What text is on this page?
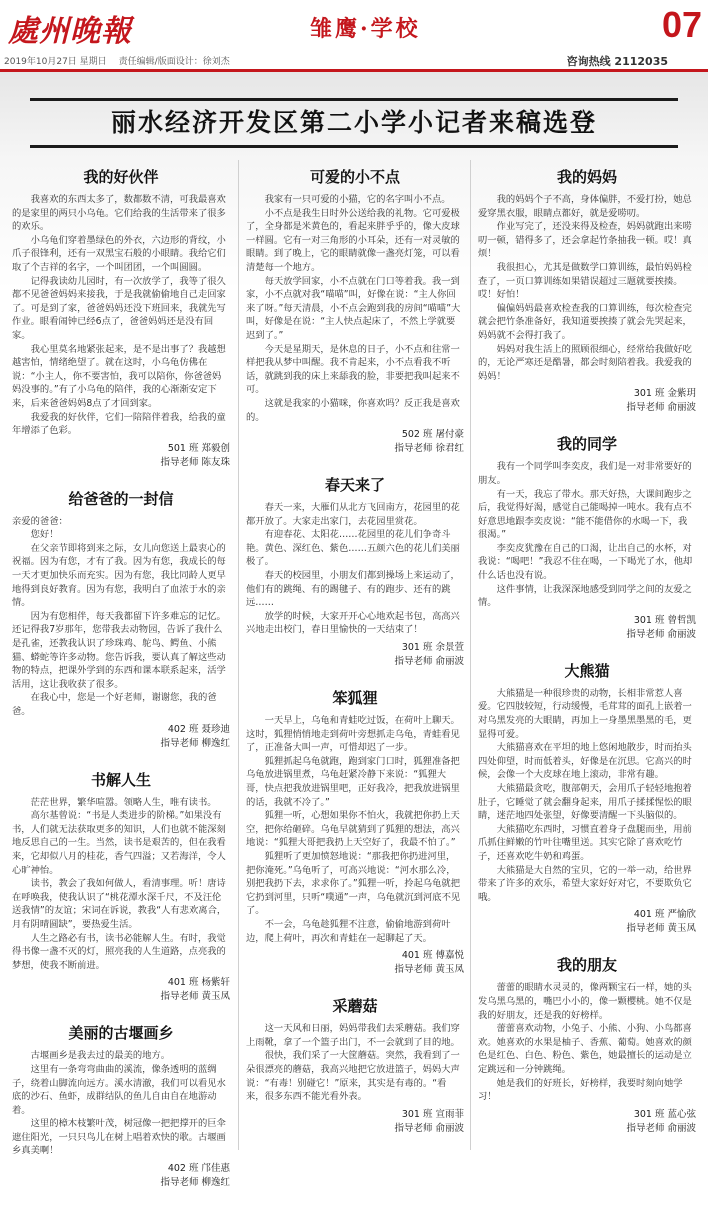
處州晚報	雏鹰·学校	07
2019年10月27日 星期日 责任编辑/版面设计：徐刘杰	咨询热线 2112035
丽水经济开发区第二小学小记者来稿选登
我的好伙伴

我喜欢的东西太多了，数都数不清，可我最喜欢的是家里的两只小乌龟。它们给我的生活带来了很多的欢乐。

小乌龟们穿着墨绿色的外衣，六边形的背纹，小爪子很锋利，还有一双黑宝石般的小眼睛。我给它们取了个吉祥的名字，一个叫团团，一个叫圆圆。

记得我读幼儿园时，有一次放学了，我等了很久都不见爸爸妈妈来接我，于是我就偷偷地自己走回家了。可是到了家，爸爸妈妈还没下班回来，我就先写作业。眼看闹钟已经6点了，爸爸妈妈还是没有回家。

我心里莫名地紧张起来，是不是出事了？我越想越害怕，情绪绝望了。就在这时，小乌龟仿佛在说：“小主人，你不要害怕，我可以陪你，你爸爸妈妈没事的。”有了小乌龟的陪伴，我的心渐渐安定下来，后来爸爸妈妈8点了才回到家。

我爱我的好伙伴，它们一陪陪伴着我，给我的童年增添了色彩。

501 班 郑毅创
指导老师 陈友珠
给爸爸的一封信

亲爱的爸爸：

您好！

在父亲节即将到来之际，女儿向您送上最衷心的祝福。因为有您，才有了我。因为有您，我成长的每一天才更加快乐而充实。因为有您，我比同龄人更早地得到良好教育。因为有您，我明白了血浓于水的亲情。

因为有您相伴，每天我都留下许多难忘的记忆。还记得我7岁那年，您带我去动物园，告诉了我什么是孔雀，还教我认识了珍珠鸡、鸵鸟、鳄鱼、小熊猫、蟒蛇等许多动物。您告诉我，要认真了解这些动物的特点，把课外学到的东西和课本联系起来，活学活用，这让我收获了很多。

在我心中，您是一个好老师，谢谢您，我的爸爸。

402 班 聂珍迪
指导老师 柳逸红
书解人生

茫茫世界，繁华喧嚣。领略人生，唯有读书。

高尔基曾说：“书是人类进步的阶梯。”如果没有书，人们就无法获取更多的知识，人们也就不能深刻地反思自己的一生。当然，读书是艰苦的，但在我看来，它却似八月的桂花，香气四溢；又若海洋，令人心旷神怡。

读书，教会了我如何做人，看清事理。听！唐诗在呼唤我，使我认识了“桃花潭水深千尺，不及汪伦送我情”的友谊；宋词在诉说，教我“人有悲欢离合，月有阴晴圆缺”，要热爱生活。

人生之路必有书，读书必能解人生。有时，我觉得书像一盏不灭的灯，照亮我的人生道路，点亮我的梦想，使我不断前进。

401 班 杨紫轩
指导老师 黄玉凤
美丽的古堰画乡

古堰画乡是我去过的最美的地方。

这里有一条弯弯曲曲的溪流，像条透明的蓝绸子，绕着山脚流向远方。溪水清澈，我们可以看见水底的沙石、鱼虾，成群结队的鱼儿自由自在地游动着。

这里的樟木枝繁叶茂，树冠像一把把撑开的巨伞遮住阳光，一只只鸟儿在树上唱着欢快的歌。古堰画乡真美啊！

402 班 邝佳惠
指导老师 柳逸红
可爱的小不点

我家有一只可爱的小猫，它的名字叫小不点。

小不点是我生日时外公送给我的礼物。它可爱极了，全身都是米黄色的，看起来胖乎乎的，像大皮球一样圆。它有一对三角形的小耳朵，还有一对灵敏的眼睛。到了晚上，它的眼睛就像一盏亮灯笼，可以看清楚每一个地方。

每天放学回家，小不点就在门口等着我。我一到家，小不点就对我“喵喵”叫，好像在说：“主人你回来了呀。”每天清晨，小不点会跑到我的房间“喵喵”大叫，好像是在说：“主人快点起床了，不然上学就要迟到了。”

今天是星期天，是休息的日子，小不点和往常一样把我从梦中叫醒。我不肯起来，小不点看我不听话，就跳到我的床上来舔我的脸，非要把我叫起来不可。

这就是我家的小猫咪，你喜欢吗？反正我是喜欢的。

502 班 屠付豪
指导老师 徐君红
春天来了

春天一来，大雁们从北方飞回南方，花园里的花都开放了。大家走出家门，去花园里赏花。

有迎春花、太阳花……花园里的花儿们争奇斗艳。黄色、深红色、紫色……五颜六色的花儿们美丽极了。

春天的校园里，小朋友们都到操场上来运动了，他们有的跳绳、有的踢毽子、有的跑步、还有的跳远……

放学的时候，大家开开心心地欢起书包，高高兴兴地走出校门，春日里愉快的一天结束了！

301 班 余景萱
指导老师 俞丽波
笨狐狸

一天早上，乌龟和青蛙吃过饭，在荷叶上聊天。这时，狐狸悄悄地走到荷叶旁想抓走乌龟，青蛙看见了，正准备大叫一声，可惜却迟了一步。

狐狸抓起乌龟就跑，跑到家门口时，狐狸准备把乌龟放进锅里煮，乌龟赶紧冷静下来说：“狐狸大哥，快点把我放进锅里吧，正好我冷，把我放进锅里的话，我就不冷了。”

狐狸一听，心想如果你不怕火，我就把你扔上天空，把你给砸碎。乌龟早就猜到了狐狸的想法，高兴地说：“狐狸大哥把我扔上天空好了，我最不怕了。”

狐狸听了更加愤怒地说：“那我把你扔进河里，把你淹死。”乌龟听了，可高兴地说：“河水那么冷，别把我扔下去，求求你了。”狐狸一听，拎起乌龟就把它扔到河里，只听“噗通”一声，乌龟就沉到河底不见了。

不一会，乌龟趁狐狸不注意，偷偷地游到荷叶边，爬上荷叶，再次和青蛙在一起聊起了天。

401 班 傅嘉悦
指导老师 黄玉凤
采蘑菇

这一天风和日丽，妈妈带我们去采蘑菇。我们穿上雨靴，拿了一个篮子出门，不一会就到了目的地。

很快，我们采了一大筐蘑菇。突然，我看到了一朵很漂亮的蘑菇，我高兴地把它放进篮子，妈妈大声说：“有毒！别碰它！”原来，其实是有毒的。“看来，很多东西不能光看外表。

301 班 宣雨菲
指导老师 俞丽波
我的妈妈

我的妈妈个子不高，身体偏胖，不爱打扮，她总爱穿黑衣服，眼睛点都好，就是爱唠叨。

作业写完了，还没来得及检查，妈妈就跑出来唠叨一顿，错得多了，还会拿起竹条抽我一顿。哎！真烦！

我很担心，尤其是做数学口算训练，最怕妈妈检查了，一页口算训练如果错误超过三题就要挨揍。哎！好怕！

偏偏妈妈最喜欢检查我的口算训练，每次检查完就会把竹条准备好，我知道要挨揍了就会先哭起来，妈妈就不会得打我了。

妈妈对我生活上的照顾很细心，经常给我做好吃的，无论严寒还是酷暑，都会时刻陪着我。我爱我的妈妈！

301 班 金紫玥
指导老师 俞丽波
我的同学

我有一个同学叫李奕皮，我们是一对非常要好的朋友。

有一天，我忘了带水。那天好热，大课间跑步之后，我觉得好渴，感觉自己能喝掉一吨水。我有点不好意思地跟李奕皮说：“能不能借你的水喝一下，我很渴。”

李奕皮犹豫在自己的口渴，让出自己的水杯，对我说：“喝吧！”我忍不住在喝，一下喝光了水，他却什么话也没有说。

这件事情，让我深深地感受到同学之间的友爱之情。

301 班 曾哲凯
指导老师 俞丽波
大熊猫

大熊猫是一种很珍贵的动物，长相非常惹人喜爱。它四肢较短，行动缓慢，毛茸茸的面孔上嵌着一对乌黑发亮的大眼睛，再加上一身墨黑墨黑的毛，更显得可爱。

大熊猫喜欢在平坦的地上悠闲地散步，时而抬头四处仰望，时而低着头，好像是在沉思。它高兴的时候，会像一个大皮球在地上滚动，非常有趣。

大熊猫最贪吃，腹部朝天，会用爪子轻轻地抱着肚子，它睡觉了就会翻身起来，用爪子揉揉惺忪的眼睛，迷茫地四处张望，好像要清醒一下头脑似的。

大熊猫吃东西时，习惯直着身子盘腿而坐，用前爪抓住鲜嫩的竹叶往嘴里送。其实它除了喜欢吃竹子，还喜欢吃牛奶和鸡蛋。

大熊猫是大自然的宝贝，它的一举一动，给世界带来了许多的欢乐，希望大家好好对它，不要欺负它哦。

401 班 严愉欣
指导老师 黄玉凤
我的朋友

蕾蕾的眼睛水灵灵的，像两颗宝石一样，她的头发乌黑乌黑的，嘴巴小小的，像一颗樱桃。她不仅是我的好朋友，还是我的好榜样。

蕾蕾喜欢动物，小兔子、小熊、小狗、小鸟都喜欢。她喜欢的水果是柚子、香蕉、葡萄。她喜欢的颜色是红色、白色、粉色、紫色，她最擅长的运动是立定跳远和一分钟跳绳。

她是我们的好班长，好榜样，我要时刻向她学习！

301 班 蓝心弦
指导老师 俞丽波
